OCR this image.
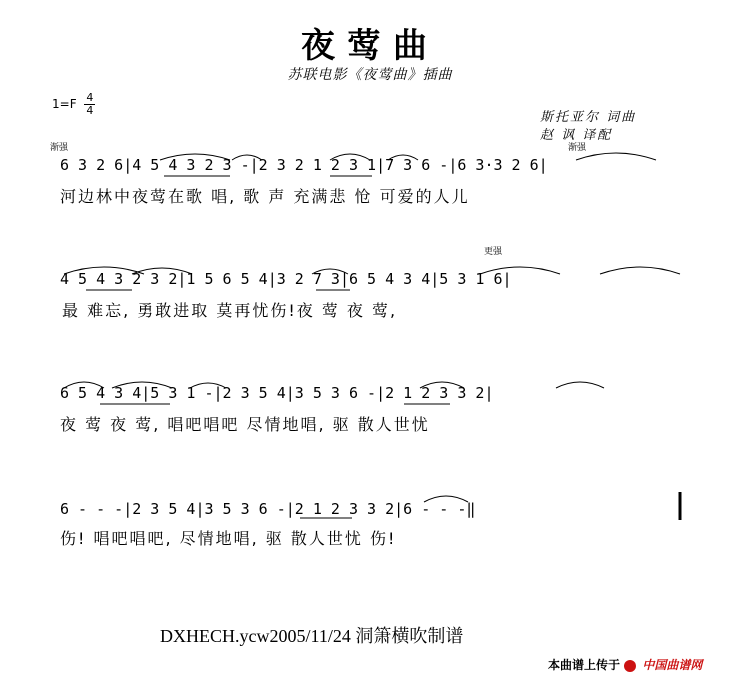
夜莺曲
苏联电影《夜莺曲》插曲
$1=F \frac{4}{4}$
斯托亚尔 词曲
赵 讽 译配
渐强	渐强
更强
6 3 2 6|4 5 4 3 2 3 -|2 3 2 1 2 3 1|7 3 6 -|6 3·3 2 6|
河边林中夜莺在歌 唱, 歌 声 充满悲 怆 可爱的人儿
4 5 4 3 2 3 2|1 5 6 5 4|3 2 7 3|6 5 4 3 4|5 3 1 6|
最 难忘, 勇敢进取 莫再忧伤!夜 莺 夜 莺,
6 5 4 3 4|5 3 1 -|2 3 5 4|3 5 3 6 -|2 1 2 3 3 2|
夜 莺 夜 莺, 唱吧唱吧 尽情地唱, 驱 散人世忧
6 - - -|2 3 5 4|3 5 3 6 -|2 1 2 3 3 2|6 - - -‖
伤! 唱吧唱吧, 尽情地唱, 驱 散人世忧 伤!
DXHECH.ycw2005/11/24 洞箫横吹制谱
本曲谱上传于 中国曲谱网
